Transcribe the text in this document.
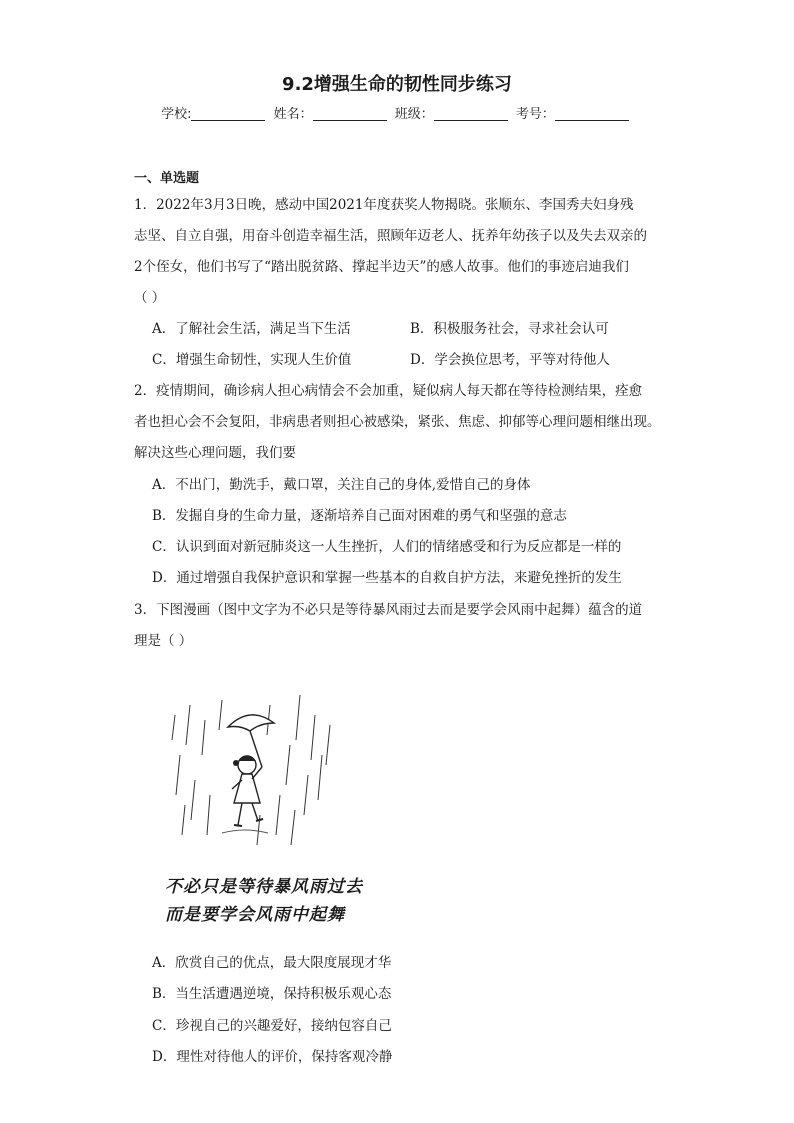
9.2增强生命的韧性同步练习
学校:	姓名：	班级：	考号：
一、单选题
1．2022年3月3日晚，感动中国2021年度获奖人物揭晓。张顺东、李国秀夫妇身残
志坚、自立自强，用奋斗创造幸福生活，照顾年迈老人、抚养年幼孩子以及失去双亲的
2个侄女，他们书写了“踏出脱贫路、撑起半边天”的感人故事。他们的事迹启迪我们
（ ）
A．了解社会生活，满足当下生活	B．积极服务社会，寻求社会认可
C．增强生命韧性，实现人生价值	D．学会换位思考，平等对待他人
2．疫情期间，确诊病人担心病情会不会加重，疑似病人每天都在等待检测结果，痊愈
者也担心会不会复阳，非病患者则担心被感染，紧张、焦虑、抑郁等心理问题相继出现。
解决这些心理问题，我们要
A．不出门，勤洗手，戴口罩，关注自己的身体,爱惜自己的身体
B．发掘自身的生命力量，逐渐培养自己面对困难的勇气和坚强的意志
C．认识到面对新冠肺炎这一人生挫折，人们的情绪感受和行为反应都是一样的
D．通过增强自我保护意识和掌握一些基本的自救自护方法，来避免挫折的发生
3．下图漫画（图中文字为不必只是等待暴风雨过去而是要学会风雨中起舞）蕴含的道
理是（ ）
不必只是等待暴风雨过去
而是要学会风雨中起舞
A．欣赏自己的优点，最大限度展现才华
B．当生活遭遇逆境，保持积极乐观心态
C．珍视自己的兴趣爱好，接纳包容自己
D．理性对待他人的评价，保持客观冷静
